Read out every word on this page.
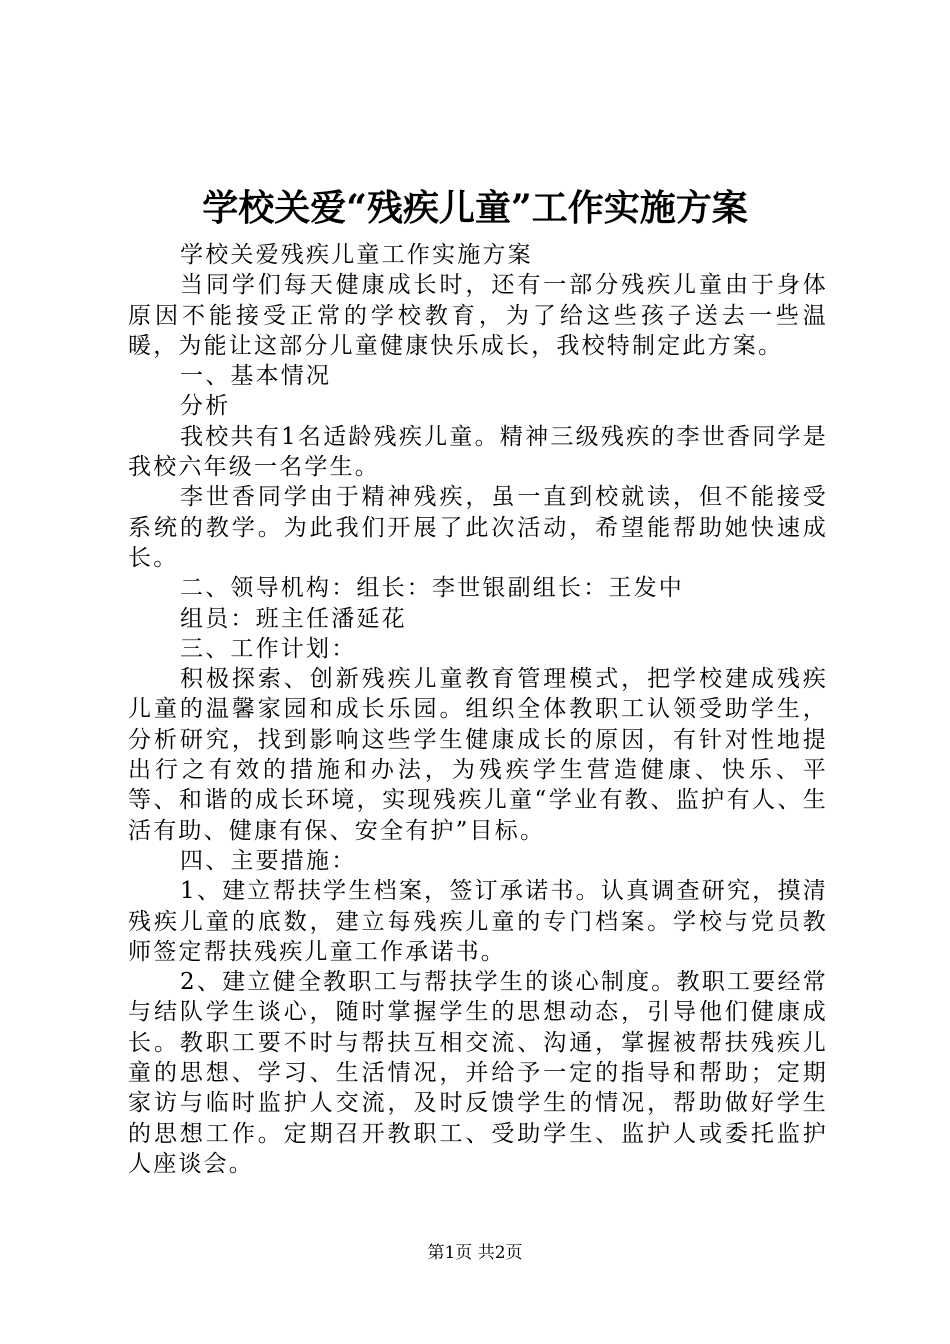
学校关爱“残疾儿童”工作实施方案

学校关爱残疾儿童工作实施方案

当同学们每天健康成长时，还有一部分残疾儿童由于身体原因不能接受正常的学校教育，为了给这些孩子送去一些温暖，为能让这部分儿童健康快乐成长，我校特制定此方案。

一、基本情况

分析

我校共有1名适龄残疾儿童。精神三级残疾的李世香同学是我校六年级一名学生。

李世香同学由于精神残疾，虽一直到校就读，但不能接受系统的教学。为此我们开展了此次活动，希望能帮助她快速成长。

二、领导机构：组长：李世银副组长：王发中

组员：班主任潘延花

三、工作计划：

积极探索、创新残疾儿童教育管理模式，把学校建成残疾儿童的温馨家园和成长乐园。组织全体教职工认领受助学生，分析研究，找到影响这些学生健康成长的原因，有针对性地提出行之有效的措施和办法，为残疾学生营造健康、快乐、平等、和谐的成长环境，实现残疾儿童“学业有教、监护有人、生活有助、健康有保、安全有护”目标。

四、主要措施：

1、建立帮扶学生档案，签订承诺书。认真调查研究，摸清残疾儿童的底数，建立每残疾儿童的专门档案。学校与党员教师签定帮扶残疾儿童工作承诺书。

2、建立健全教职工与帮扶学生的谈心制度。教职工要经常与结队学生谈心，随时掌握学生的思想动态，引导他们健康成长。教职工要不时与帮扶互相交流、沟通，掌握被帮扶残疾儿童的思想、学习、生活情况，并给予一定的指导和帮助；定期家访与临时监护人交流，及时反馈学生的情况，帮助做好学生的思想工作。定期召开教职工、受助学生、监护人或委托监护人座谈会。

第1页 共2页
